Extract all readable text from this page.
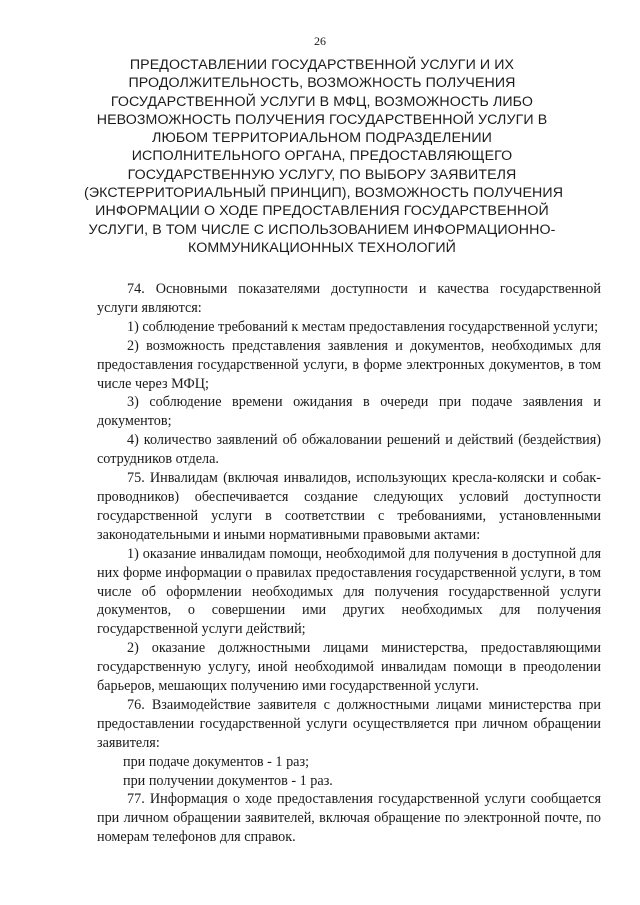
26
ПРЕДОСТАВЛЕНИИ ГОСУДАРСТВЕННОЙ УСЛУГИ И ИХ
ПРОДОЛЖИТЕЛЬНОСТЬ, ВОЗМОЖНОСТЬ ПОЛУЧЕНИЯ
ГОСУДАРСТВЕННОЙ УСЛУГИ В МФЦ, ВОЗМОЖНОСТЬ ЛИБО
НЕВОЗМОЖНОСТЬ ПОЛУЧЕНИЯ ГОСУДАРСТВЕННОЙ УСЛУГИ В
ЛЮБОМ ТЕРРИТОРИАЛЬНОМ ПОДРАЗДЕЛЕНИИ
ИСПОЛНИТЕЛЬНОГО ОРГАНА, ПРЕДОСТАВЛЯЮЩЕГО
ГОСУДАРСТВЕННУЮ УСЛУГУ, ПО ВЫБОРУ ЗАЯВИТЕЛЯ
(ЭКСТЕРРИТОРИАЛЬНЫЙ ПРИНЦИП), ВОЗМОЖНОСТЬ ПОЛУЧЕНИЯ
ИНФОРМАЦИИ О ХОДЕ ПРЕДОСТАВЛЕНИЯ ГОСУДАРСТВЕННОЙ
УСЛУГИ, В ТОМ ЧИСЛЕ С ИСПОЛЬЗОВАНИЕМ ИНФОРМАЦИОННО-
КОММУНИКАЦИОННЫХ ТЕХНОЛОГИЙ

74. Основными показателями доступности и качества государственной услуги являются:

1) соблюдение требований к местам предоставления государственной услуги;

2) возможность представления заявления и документов, необходимых для предоставления государственной услуги, в форме электронных документов, в том числе через МФЦ;

3) соблюдение времени ожидания в очереди при подаче заявления и документов;

4) количество заявлений об обжаловании решений и действий (бездействия) сотрудников отдела.

75. Инвалидам (включая инвалидов, использующих кресла-коляски и собак-проводников) обеспечивается создание следующих условий доступности государственной услуги в соответствии с требованиями, установленными законодательными и иными нормативными правовыми актами:

1) оказание инвалидам помощи, необходимой для получения в доступной для них форме информации о правилах предоставления государственной услуги, в том числе об оформлении необходимых для получения государственной услуги документов, о совершении ими других необходимых для получения государственной услуги действий;

2) оказание должностными лицами министерства, предоставляющими государственную услугу, иной необходимой инвалидам помощи в преодолении барьеров, мешающих получению ими государственной услуги.

76. Взаимодействие заявителя с должностными лицами министерства при предоставлении государственной услуги осуществляется при личном обращении заявителя:

при подаче документов - 1 раз;

при получении документов - 1 раз.

77. Информация о ходе предоставления государственной услуги сообщается при личном обращении заявителей, включая обращение по электронной почте, по номерам телефонов для справок.
